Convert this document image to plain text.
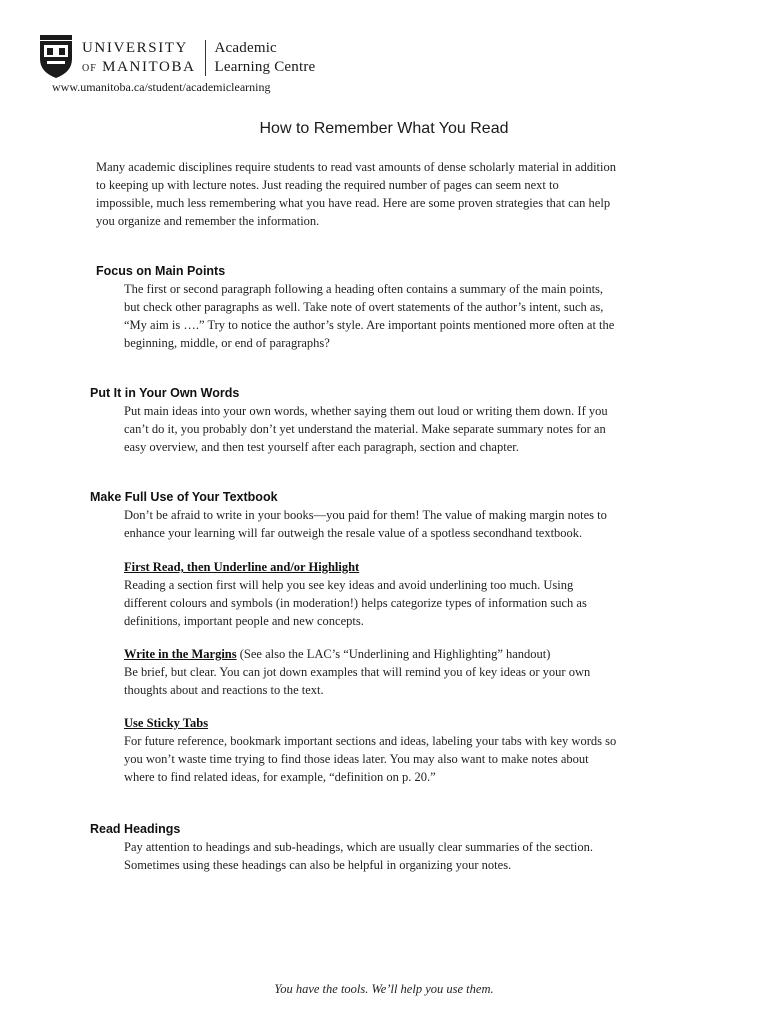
UNIVERSITY
OF MANITOBA
Academic
Learning Centre
www.umanitoba.ca/student/academiclearning
How to Remember What You Read

Many academic disciplines require students to read vast amounts of dense scholarly material in addition

to keeping up with lecture notes. Just reading the required number of pages can seem next to

impossible, much less remembering what you have read. Here are some proven strategies that can help

you organize and remember the information.

Focus on Main Points

The first or second paragraph following a heading often contains a summary of the main points,

but check other paragraphs as well. Take note of overt statements of the author’s intent, such as,

“My aim is ….” Try to notice the author’s style. Are important points mentioned more often at the

beginning, middle, or end of paragraphs?

Put It in Your Own Words

Put main ideas into your own words, whether saying them out loud or writing them down. If you

can’t do it, you probably don’t yet understand the material. Make separate summary notes for an

easy overview, and then test yourself after each paragraph, section and chapter.

Make Full Use of Your Textbook

Don’t be afraid to write in your books—you paid for them! The value of making margin notes to

enhance your learning will far outweigh the resale value of a spotless secondhand textbook.

First Read, then Underline and/or Highlight

Reading a section first will help you see key ideas and avoid underlining too much. Using

different colours and symbols (in moderation!) helps categorize types of information such as

definitions, important people and new concepts.

Write in the Margins (See also the LAC’s “Underlining and Highlighting” handout)

Be brief, but clear. You can jot down examples that will remind you of key ideas or your own

thoughts about and reactions to the text.

Use Sticky Tabs

For future reference, bookmark important sections and ideas, labeling your tabs with key words so

you won’t waste time trying to find those ideas later. You may also want to make notes about

where to find related ideas, for example, “definition on p. 20.”

Read Headings

Pay attention to headings and sub-headings, which are usually clear summaries of the section.

Sometimes using these headings can also be helpful in organizing your notes.

You have the tools. We’ll help you use them.
